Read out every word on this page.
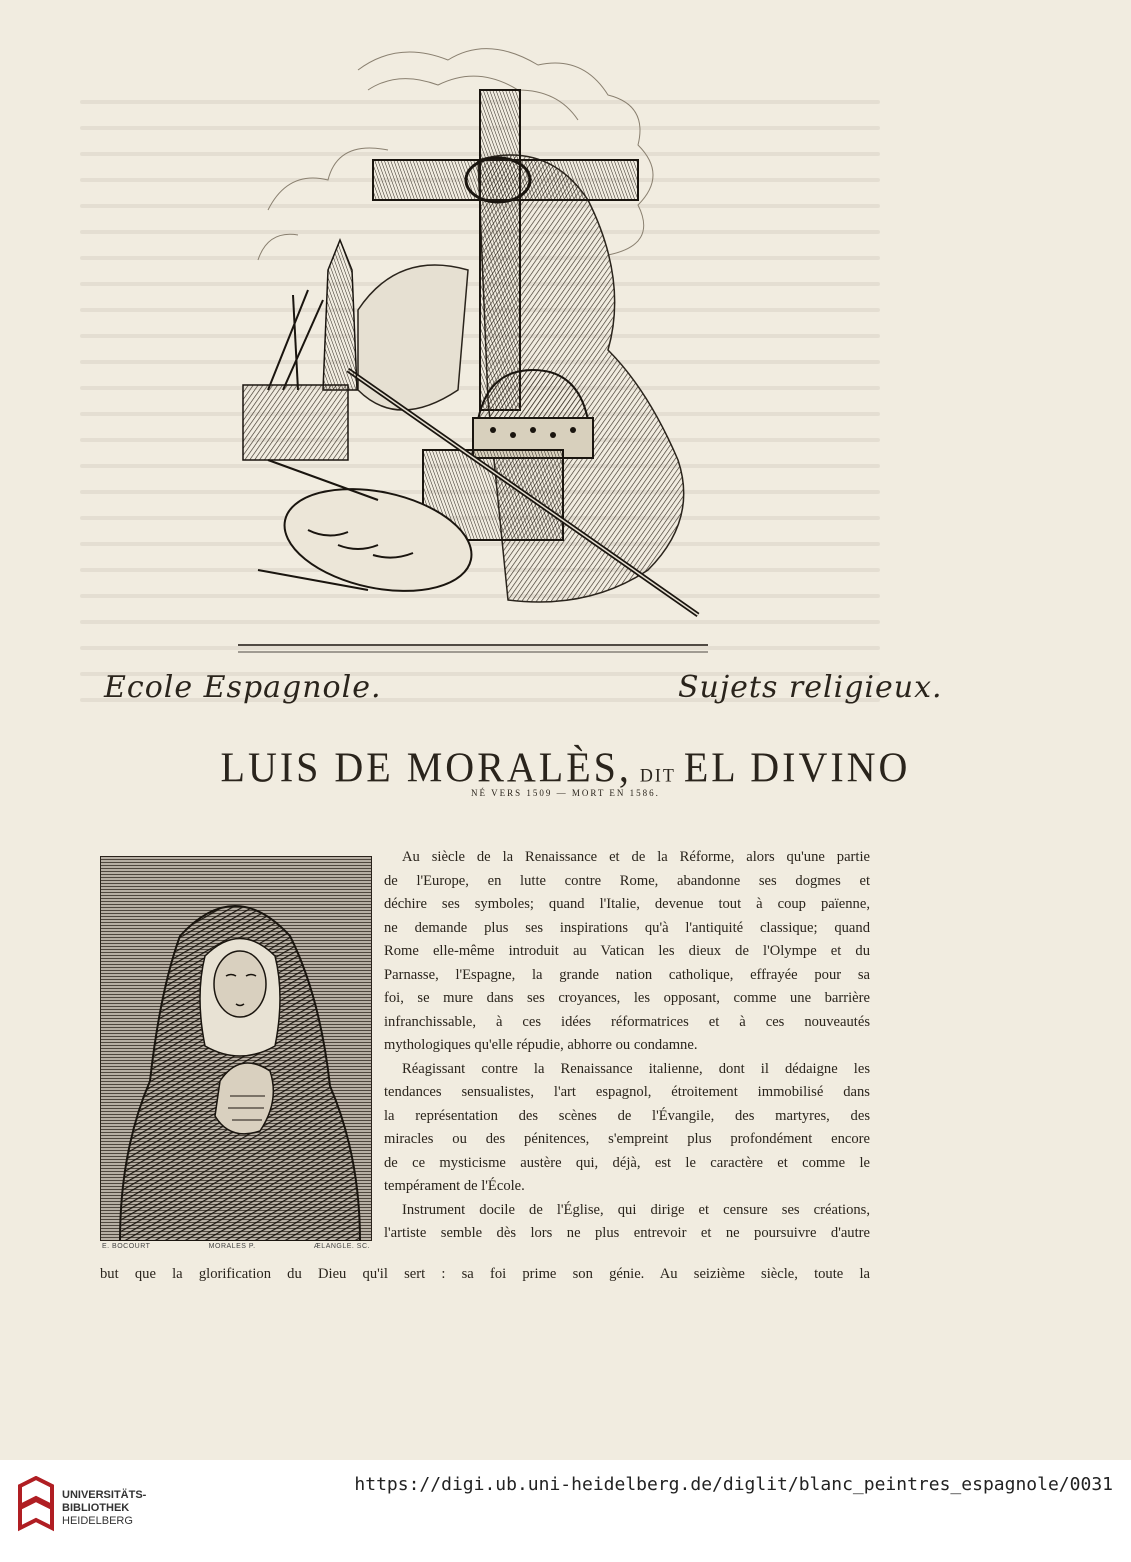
Ecole Espagnole.	Sujets religieux.
LUIS DE MORALÈS, DIT EL DIVINO
NÉ VERS 1509 — MORT EN 1586.
E. BOCOURT	MORALES P.	ÆLANGLE. SC.
Au siècle de la Renaissance et de la Réforme, alors qu'une partie
de l'Europe, en lutte contre Rome, abandonne ses dogmes et
déchire ses symboles; quand l'Italie, devenue tout à coup païenne,
ne demande plus ses inspirations qu'à l'antiquité classique; quand
Rome elle-même introduit au Vatican les dieux de l'Olympe et du
Parnasse, l'Espagne, la grande nation catholique, effrayée pour sa
foi, se mure dans ses croyances, les opposant, comme une barrière
infranchissable, à ces idées réformatrices et à ces nouveautés
mythologiques qu'elle répudie, abhorre ou condamne.
Réagissant contre la Renaissance italienne, dont il dédaigne les
tendances sensualistes, l'art espagnol, étroitement immobilisé dans
la représentation des scènes de l'Évangile, des martyres, des
miracles ou des pénitences, s'empreint plus profondément encore
de ce mysticisme austère qui, déjà, est le caractère et comme le
tempérament de l'École.
Instrument docile de l'Église, qui dirige et censure ses créations,
l'artiste semble dès lors ne plus entrevoir et ne poursuivre d'autre
but que la glorification du Dieu qu'il sert : sa foi prime son génie. Au seizième siècle, toute la
UNIVERSITÄTS-
BIBLIOTHEK
HEIDELBERG
https://digi.ub.uni-heidelberg.de/diglit/blanc_peintres_espagnole/0031
